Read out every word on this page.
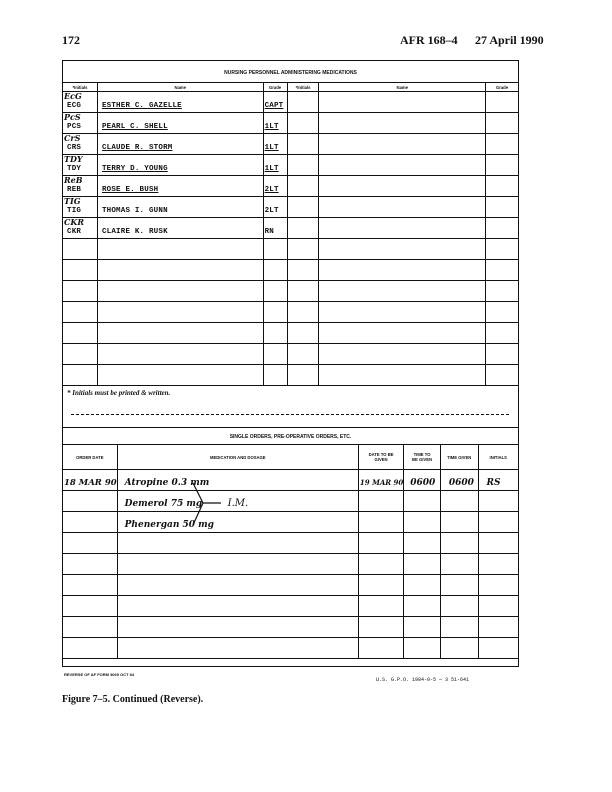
172	AFR 168–4 27 April 1990
NURSING PERSONNEL ADMINISTERING MEDICATIONS
*Initials	Name	Grade	*Initials	Name	Grade

EcG
ECG	ESTHER C. GAZELLE	CAPT			

PcS
PCS	PEARL C. SHELL	1LT			

CrS
CRS	CLAUDE R. STORM	1LT			

TDY
TDY	TERRY D. YOUNG	1LT			

ReB
REB	ROSE E. BUSH	2LT			

TIG
TIG	THOMAS I. GUNN	2LT			

CKR
CKR	CLAIRE K. RUSK	RN			

* Initials must be printed & written.
SINGLE ORDERS, PRE-OPERATIVE ORDERS, ETC.
ORDER DATE	MEDICATION AND DOSAGE	DATE TO BE GIVEN	TIME TO BE GIVEN	TIME GIVEN	INITIALS
18 MAR 90	Atropine 0.3 mm	19 MAR 90	0600	0600	RS
	Demerol 75 mg I.M.				

	Phenergan 50 mg				

REVERSE OF AF FORM 3069 OCT 84
U.S. G.P.O. 1984-0-5 — 3 51-641
Figure 7–5. Continued (Reverse).
